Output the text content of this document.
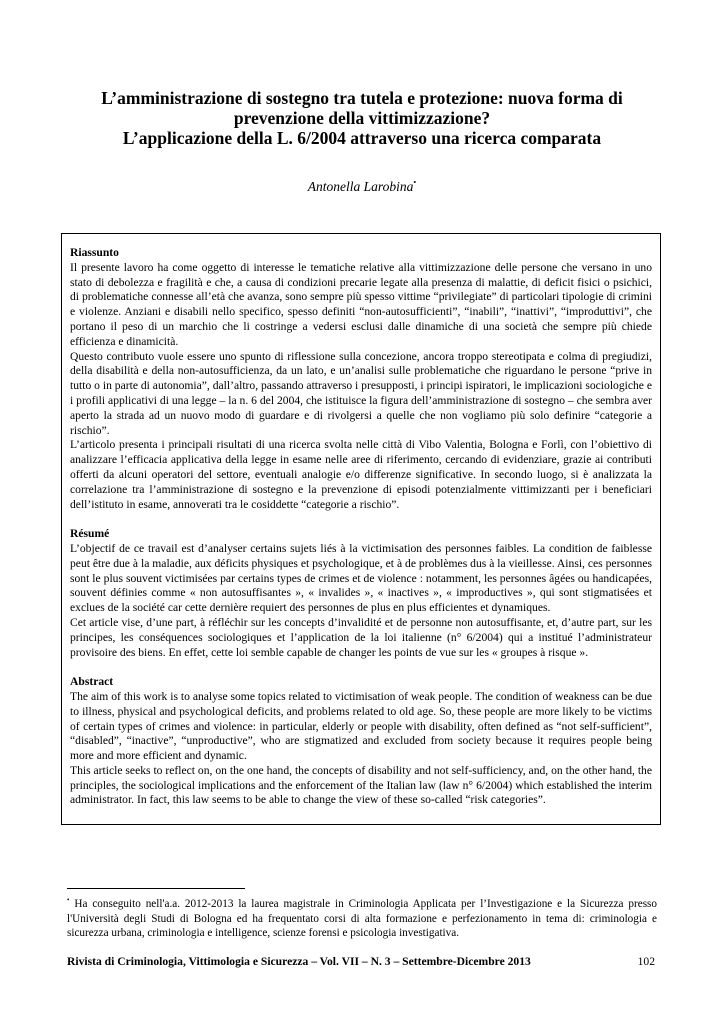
L’amministrazione di sostegno tra tutela e protezione: nuova forma di
prevenzione della vittimizzazione?
L’applicazione della L. 6/2004 attraverso una ricerca comparata
Antonella Larobina•

Riassunto

Il presente lavoro ha come oggetto di interesse le tematiche relative alla vittimizzazione delle persone che versano in uno stato di debolezza e fragilità e che, a causa di condizioni precarie legate alla presenza di malattie, di deficit fisici o psichici, di problematiche connesse all’età che avanza, sono sempre più spesso vittime “privilegiate” di particolari tipologie di crimini e violenze. Anziani e disabili nello specifico, spesso definiti “non-autosufficienti”, “inabili”, “inattivi”, “improduttivi”, che portano il peso di un marchio che li costringe a vedersi esclusi dalle dinamiche di una società che sempre più chiede efficienza e dinamicità.

Questo contributo vuole essere uno spunto di riflessione sulla concezione, ancora troppo stereotipata e colma di pregiudizi, della disabilità e della non-autosufficienza, da un lato, e un’analisi sulle problematiche che riguardano le persone “prive in tutto o in parte di autonomia”, dall’altro, passando attraverso i presupposti, i principi ispiratori, le implicazioni sociologiche e i profili applicativi di una legge – la n. 6 del 2004, che istituisce la figura dell’amministrazione di sostegno – che sembra aver aperto la strada ad un nuovo modo di guardare e di rivolgersi a quelle che non vogliamo più solo definire “categorie a rischio”.

L’articolo presenta i principali risultati di una ricerca svolta nelle città di Vibo Valentia, Bologna e Forlì, con l’obiettivo di analizzare l’efficacia applicativa della legge in esame nelle aree di riferimento, cercando di evidenziare, grazie ai contributi offerti da alcuni operatori del settore, eventuali analogie e/o differenze significative. In secondo luogo, si è analizzata la correlazione tra l’amministrazione di sostegno e la prevenzione di episodi potenzialmente vittimizzanti per i beneficiari dell’istituto in esame, annoverati tra le cosiddette “categorie a rischio”.

Résumé

L’objectif de ce travail est d’analyser certains sujets liés à la victimisation des personnes faibles. La condition de faiblesse peut être due à la maladie, aux déficits physiques et psychologique, et à de problèmes dus à la vieillesse. Ainsi, ces personnes sont le plus souvent victimisées par certains types de crimes et de violence : notamment, les personnes âgées ou handicapées, souvent définies comme « non autosuffisantes », « invalides », « inactives », « improductives », qui sont stigmatisées et exclues de la société car cette dernière requiert des personnes de plus en plus efficientes et dynamiques.

Cet article vise, d’une part, à réfléchir sur les concepts d’invalidité et de personne non autosuffisante, et, d’autre part, sur les principes, les conséquences sociologiques et l’application de la loi italienne (n° 6/2004) qui a institué l’administrateur provisoire des biens. En effet, cette loi semble capable de changer les points de vue sur les « groupes à risque ».

Abstract

The aim of this work is to analyse some topics related to victimisation of weak people. The condition of weakness can be due to illness, physical and psychological deficits, and problems related to old age. So, these people are more likely to be victims of certain types of crimes and violence: in particular, elderly or people with disability, often defined as “not self-sufficient”, “disabled”, “inactive”, “unproductive”, who are stigmatized and excluded from society because it requires people being more and more efficient and dynamic.

This article seeks to reflect on, on the one hand, the concepts of disability and not self-sufficiency, and, on the other hand, the principles, the sociological implications and the enforcement of the Italian law (law n° 6/2004) which established the interim administrator. In fact, this law seems to be able to change the view of these so-called “risk categories”.

• Ha conseguito nell'a.a. 2012-2013 la laurea magistrale in Criminologia Applicata per l’Investigazione e la Sicurezza presso l'Università degli Studi di Bologna ed ha frequentato corsi di alta formazione e perfezionamento in tema di: criminologia e sicurezza urbana, criminologia e intelligence, scienze forensi e psicologia investigativa.
Rivista di Criminologia, Vittimologia e Sicurezza – Vol. VII – N. 3 – Settembre-Dicembre 2013	102
